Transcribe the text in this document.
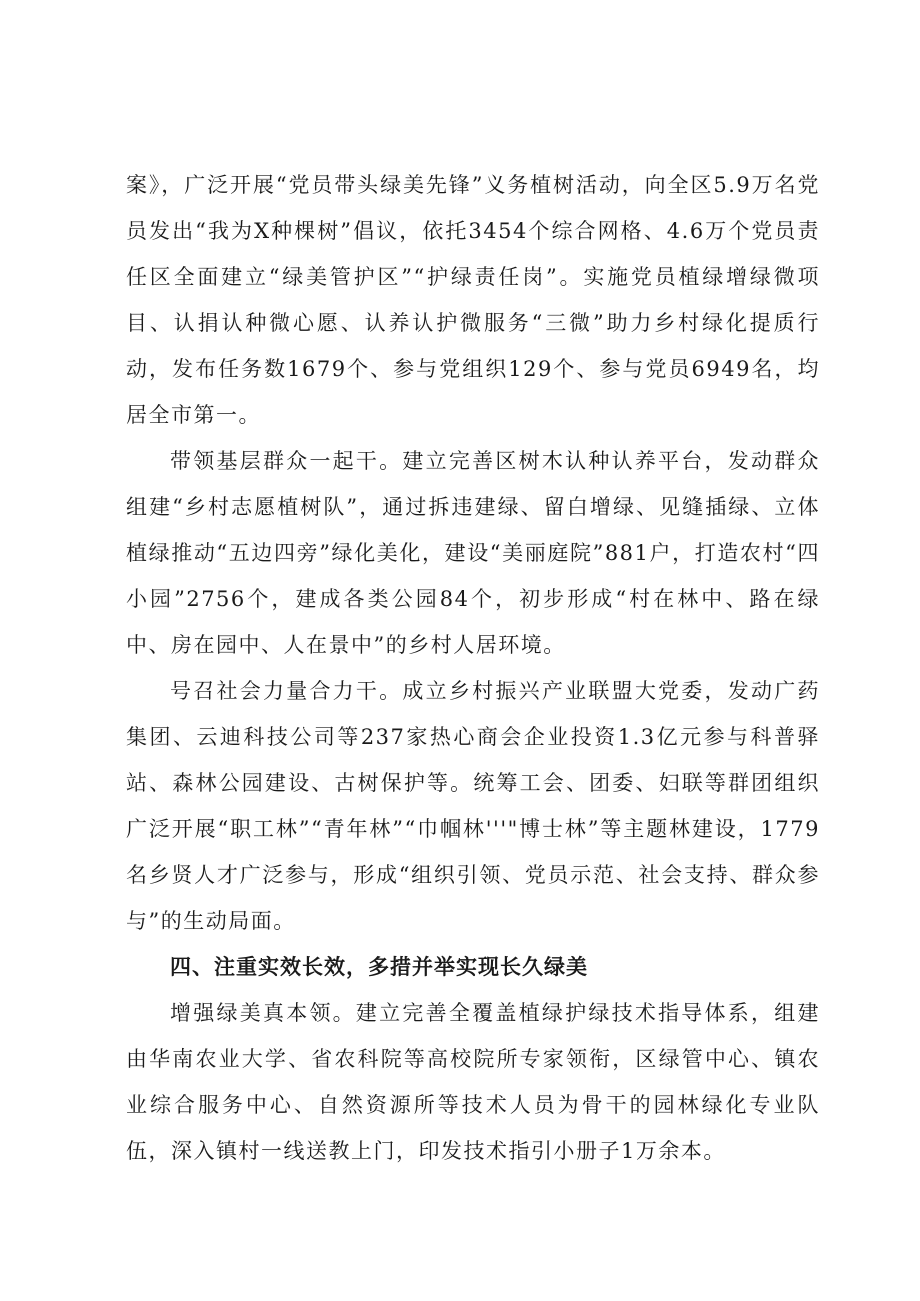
案》，广泛开展“党员带头绿美先锋”义务植树活动，向全区5.9万名党员发出“我为X种棵树”倡议，依托3454个综合网格、4.6万个党员责任区全面建立“绿美管护区”“护绿责任岗”。实施党员植绿增绿微项目、认捐认种微心愿、认养认护微服务“三微”助力乡村绿化提质行动，发布任务数1679个、参与党组织129个、参与党员6949名，均居全市第一。

带领基层群众一起干。建立完善区树木认种认养平台，发动群众组建“乡村志愿植树队”，通过拆违建绿、留白增绿、见缝插绿、立体植绿推动“五边四旁”绿化美化，建设“美丽庭院”881户，打造农村“四小园”2756个，建成各类公园84个，初步形成“村在林中、路在绿中、房在园中、人在景中”的乡村人居环境。

号召社会力量合力干。成立乡村振兴产业联盟大党委，发动广药集团、云迪科技公司等237家热心商会企业投资1.3亿元参与科普驿站、森林公园建设、古树保护等。统筹工会、团委、妇联等群团组织广泛开展“职工林”“青年林”“巾帼林'''"博士林”等主题林建设，1779名乡贤人才广泛参与，形成“组织引领、党员示范、社会支持、群众参与”的生动局面。

四、注重实效长效，多措并举实现长久绿美

增强绿美真本领。建立完善全覆盖植绿护绿技术指导体系，组建由华南农业大学、省农科院等高校院所专家领衔，区绿管中心、镇农业综合服务中心、自然资源所等技术人员为骨干的园林绿化专业队伍，深入镇村一线送教上门，印发技术指引小册子1万余本。
